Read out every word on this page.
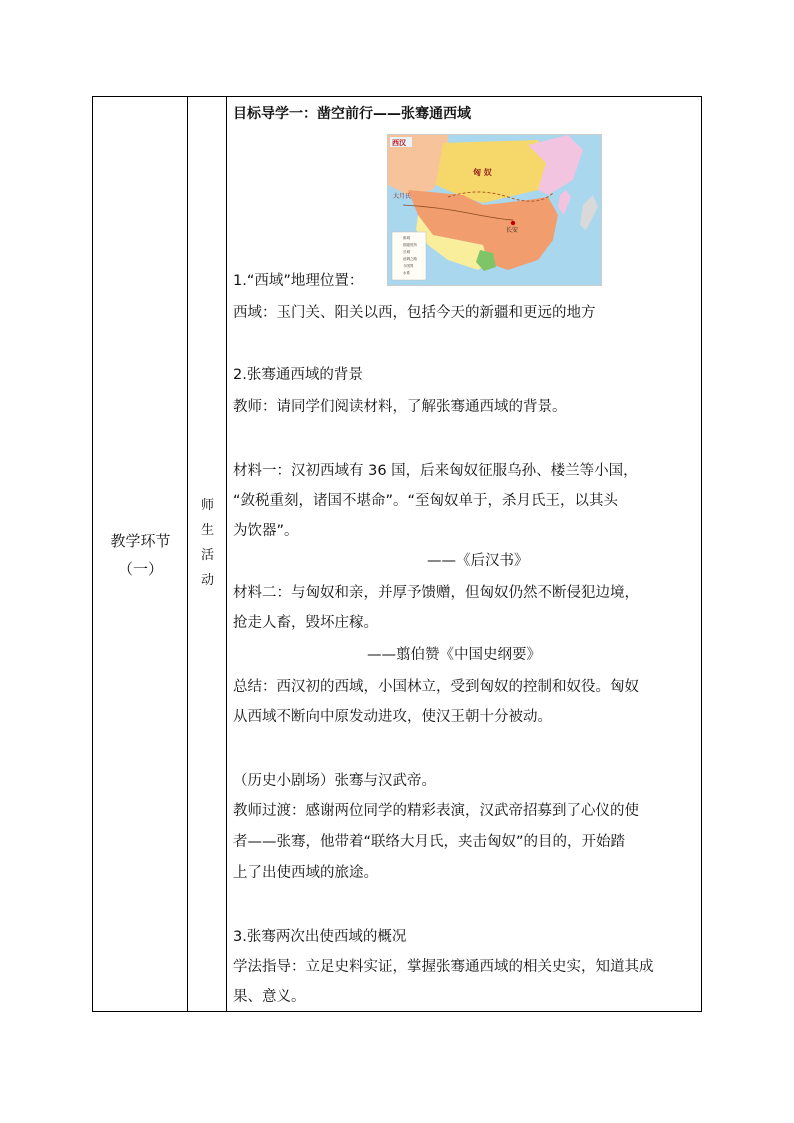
教学环节
（一）
师
生
活
动
目标导学一：凿空前行——张骞通西域
西汉
匈 奴
大月氏
长安
都城
郡级驻所
长城
丝绸之路
今国界
水系
1.“西域”地理位置：
西域：玉门关、阳关以西，包括今天的新疆和更远的地方
2.张骞通西域的背景
教师：请同学们阅读材料，了解张骞通西域的背景。
材料一：汉初西域有 36 国，后来匈奴征服乌孙、楼兰等小国，
“敛税重刻，诸国不堪命”。“至匈奴单于，杀月氏王，以其头
为饮器”。
——《后汉书》
材料二：与匈奴和亲，并厚予馈赠，但匈奴仍然不断侵犯边境，
抢走人畜，毁坏庄稼。
——翦伯赞《中国史纲要》
总结：西汉初的西域，小国林立，受到匈奴的控制和奴役。匈奴
从西域不断向中原发动进攻，使汉王朝十分被动。
（历史小剧场）张骞与汉武帝。
教师过渡：感谢两位同学的精彩表演，汉武帝招募到了心仪的使
者——张骞，他带着“联络大月氏，夹击匈奴”的目的，开始踏
上了出使西域的旅途。
3.张骞两次出使西域的概况
学法指导：立足史料实证，掌握张骞通西域的相关史实，知道其成
果、意义。
